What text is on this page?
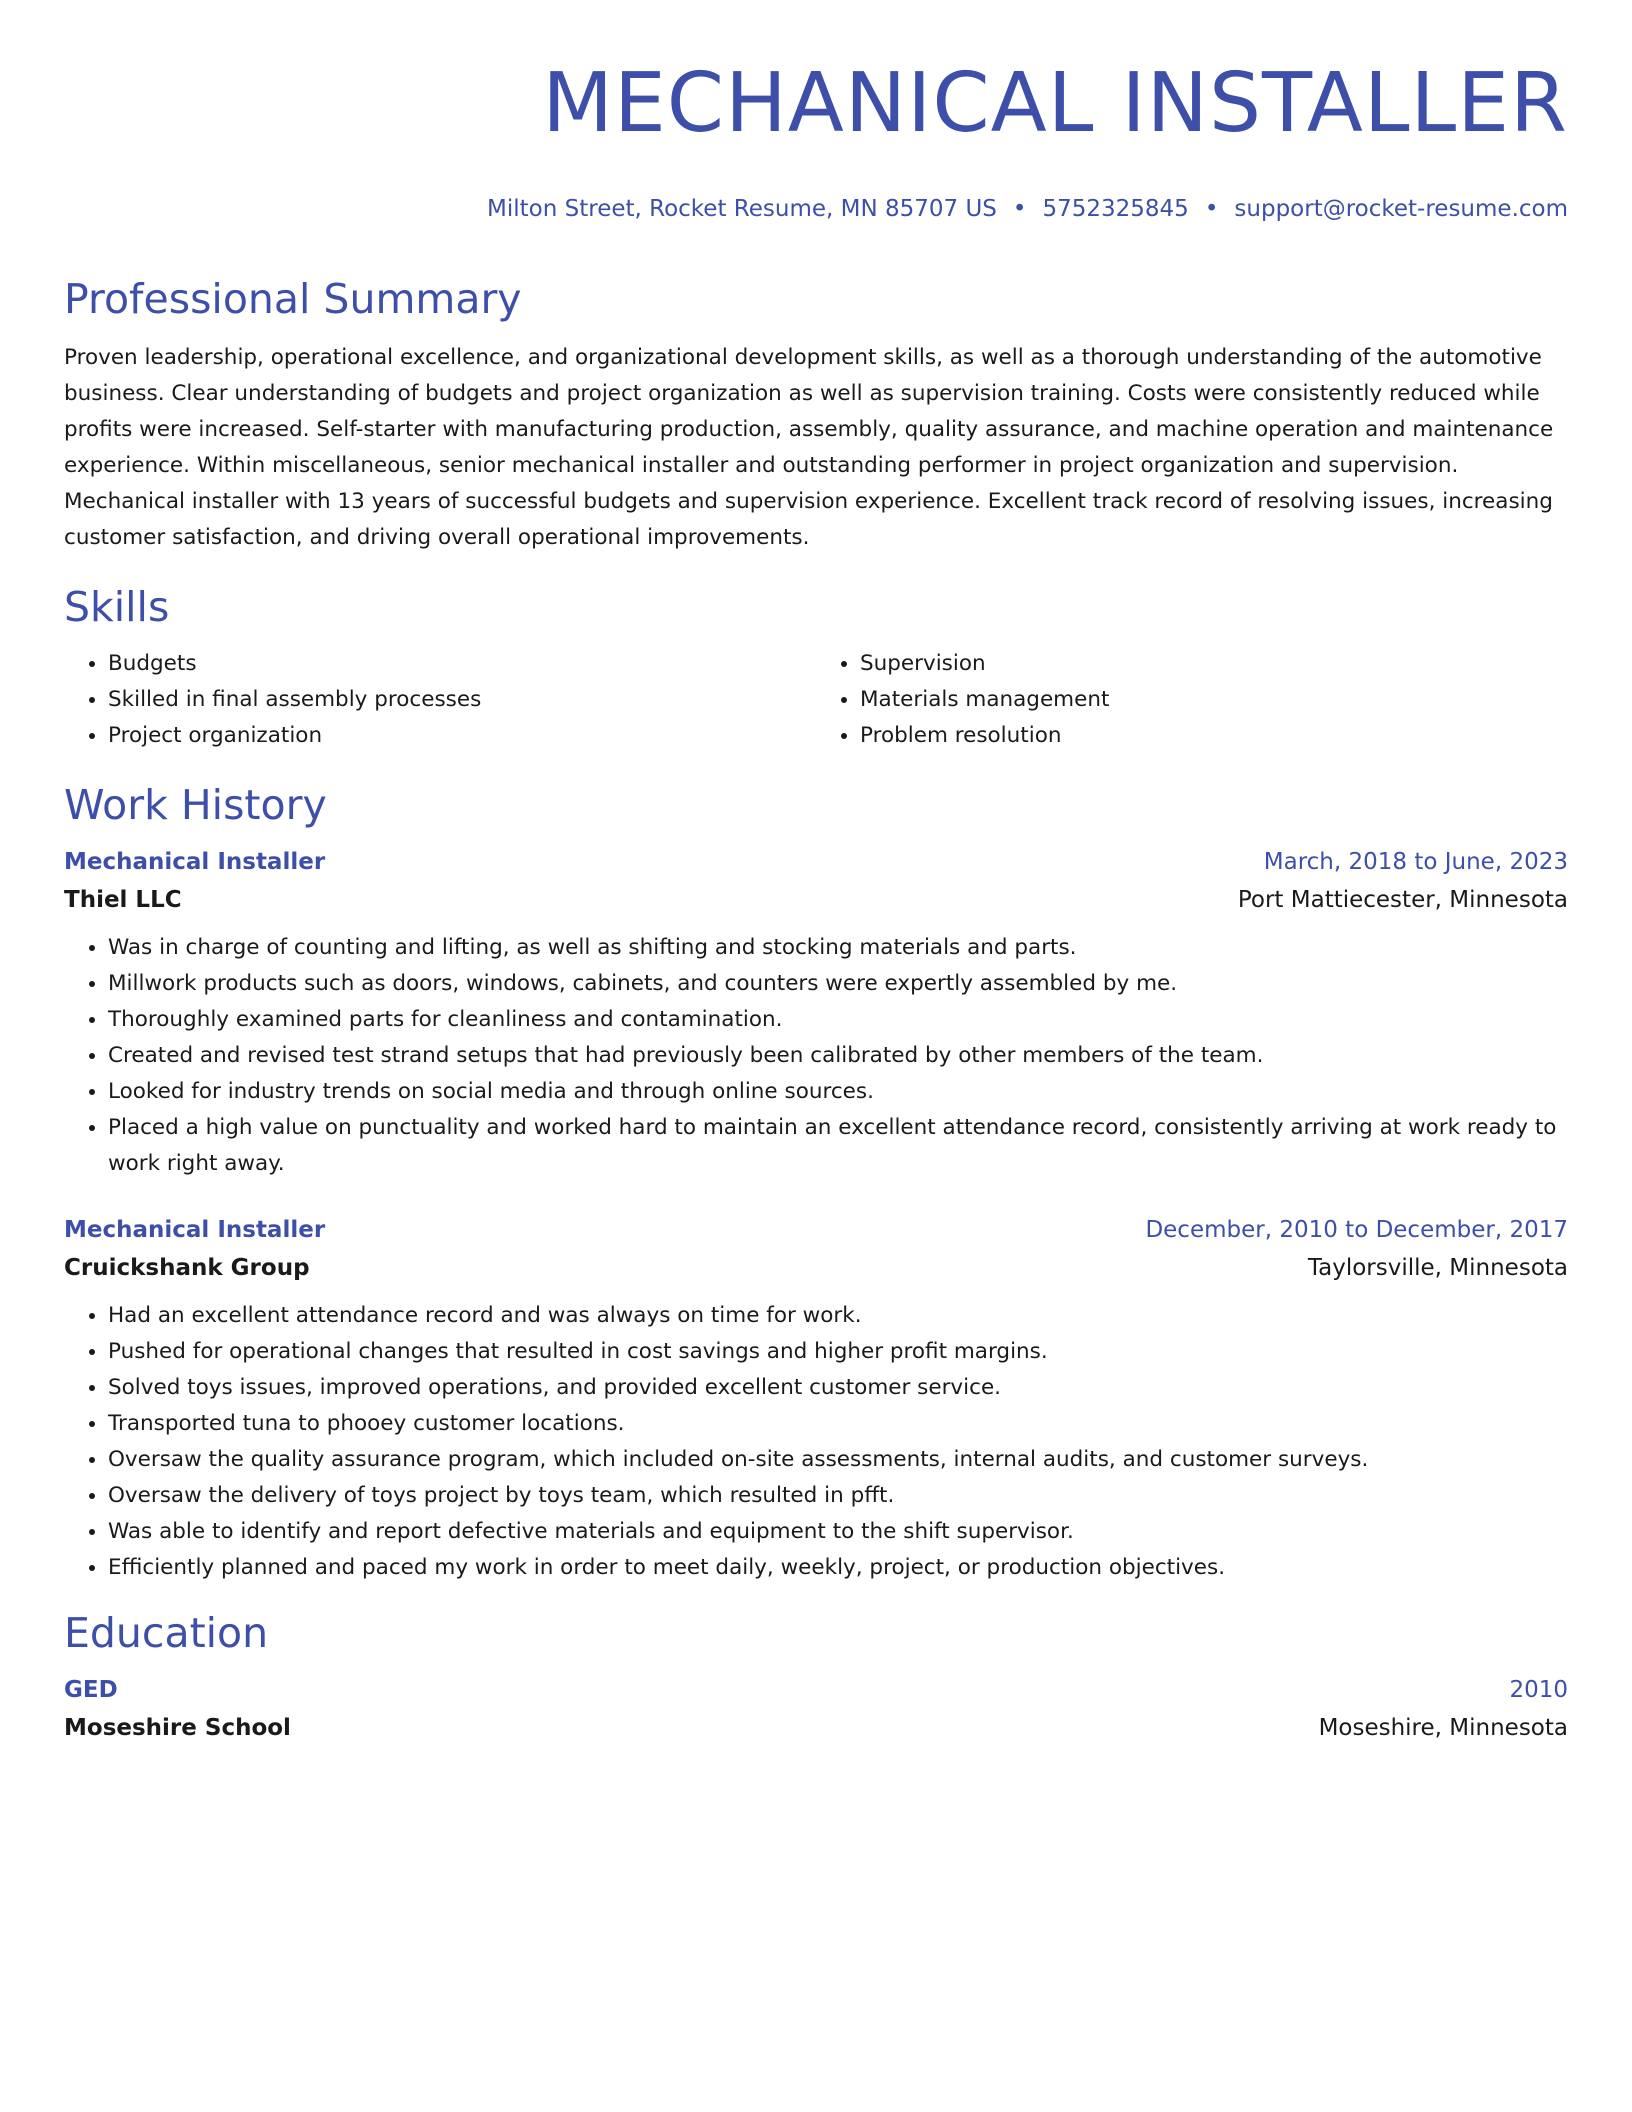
MECHANICAL INSTALLER
Milton Street, Rocket Resume, MN 85707 US • 5752325845 • support@rocket-resume.com
Professional Summary

Proven leadership, operational excellence, and organizational development skills, as well as a thorough understanding of the automotive business. Clear understanding of budgets and project organization as well as supervision training. Costs were consistently reduced while profits were increased. Self-starter with manufacturing production, assembly, quality assurance, and machine operation and maintenance experience. Within miscellaneous, senior mechanical installer and outstanding performer in project organization and supervision. Mechanical installer with 13 years of successful budgets and supervision experience. Excellent track record of resolving issues, increasing customer satisfaction, and driving overall operational improvements.

Skills
• Budgets
• Skilled in final assembly processes
• Project organization
• Supervision
• Materials management
• Problem resolution
Work History
Mechanical Installer	March, 2018 to June, 2023
Thiel LLC	Port Mattiecester, Minnesota
• Was in charge of counting and lifting, as well as shifting and stocking materials and parts.
• Millwork products such as doors, windows, cabinets, and counters were expertly assembled by me.
• Thoroughly examined parts for cleanliness and contamination.
• Created and revised test strand setups that had previously been calibrated by other members of the team.
• Looked for industry trends on social media and through online sources.
• Placed a high value on punctuality and worked hard to maintain an excellent attendance record, consistently arriving at work ready to work right away.
Mechanical Installer	December, 2010 to December, 2017
Cruickshank Group	Taylorsville, Minnesota
• Had an excellent attendance record and was always on time for work.
• Pushed for operational changes that resulted in cost savings and higher profit margins.
• Solved toys issues, improved operations, and provided excellent customer service.
• Transported tuna to phooey customer locations.
• Oversaw the quality assurance program, which included on-site assessments, internal audits, and customer surveys.
• Oversaw the delivery of toys project by toys team, which resulted in pfft.
• Was able to identify and report defective materials and equipment to the shift supervisor.
• Efficiently planned and paced my work in order to meet daily, weekly, project, or production objectives.
Education
GED	2010
Moseshire School	Moseshire, Minnesota
